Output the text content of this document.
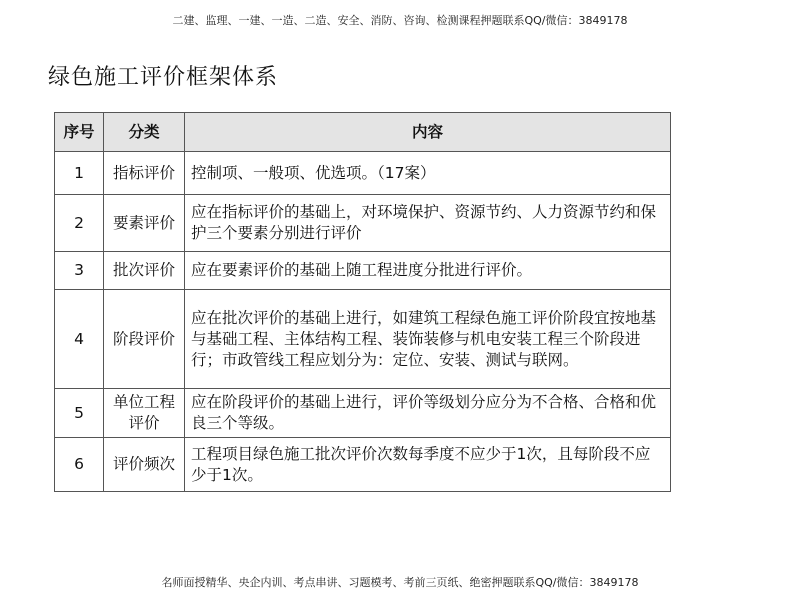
二建、监理、一建、一造、二造、安全、消防、咨询、检测课程押题联系QQ/微信：3849178
绿色施工评价框架体系
序号	分类	内容
1	指标评价	控制项、一般项、优选项。（17案）
2	要素评价	应在指标评价的基础上，对环境保护、资源节约、人力资源节约和保护三个要素分别进行评价
3	批次评价	应在要素评价的基础上随工程进度分批进行评价。
4	阶段评价	应在批次评价的基础上进行，如建筑工程绿色施工评价阶段宜按地基与基础工程、主体结构工程、装饰装修与机电安装工程三个阶段进行；市政管线工程应划分为：定位、安装、测试与联网。
5	单位工程评价	应在阶段评价的基础上进行，评价等级划分应分为不合格、合格和优良三个等级。
6	评价频次	工程项目绿色施工批次评价次数每季度不应少于1次，且每阶段不应少于1次。
名师面授精华、央企内训、考点串讲、习题模考、考前三页纸、绝密押题联系QQ/微信：3849178
